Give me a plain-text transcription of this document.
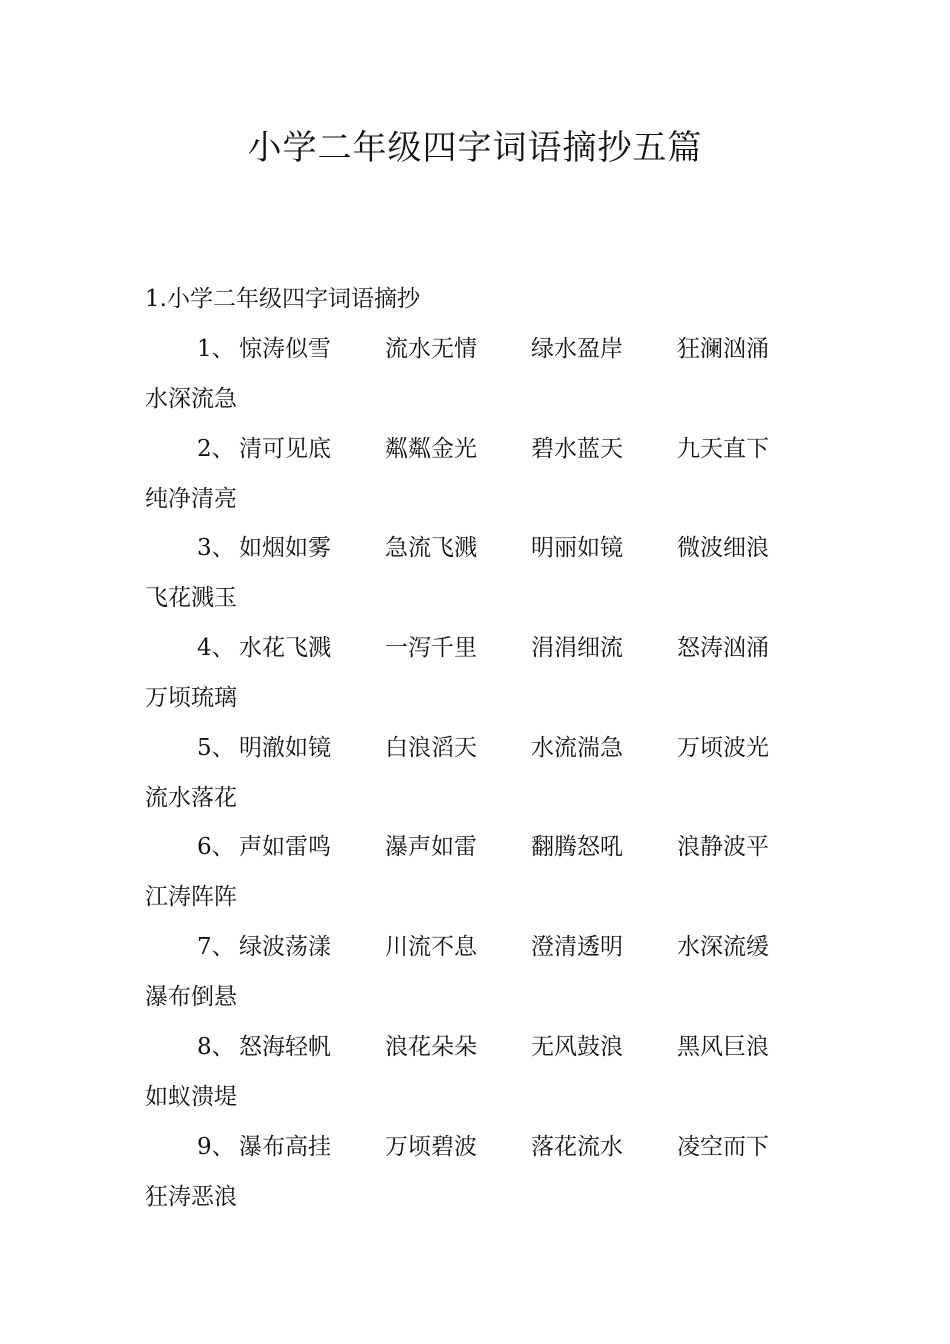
小学二年级四字词语摘抄五篇
1.小学二年级四字词语摘抄
1、 惊涛似雪 流水无情 绿水盈岸 狂澜汹涌
水深流急
2、 清可见底 粼粼金光 碧水蓝天 九天直下
纯净清亮
3、 如烟如雾 急流飞溅 明丽如镜 微波细浪
飞花溅玉
4、 水花飞溅 一泻千里 涓涓细流 怒涛汹涌
万顷琉璃
5、 明澈如镜 白浪滔天 水流湍急 万顷波光
流水落花
6、 声如雷鸣 瀑声如雷 翻腾怒吼 浪静波平
江涛阵阵
7、 绿波荡漾 川流不息 澄清透明 水深流缓
瀑布倒悬
8、 怒海轻帆 浪花朵朵 无风鼓浪 黑风巨浪
如蚁溃堤
9、 瀑布高挂 万顷碧波 落花流水 凌空而下
狂涛恶浪
